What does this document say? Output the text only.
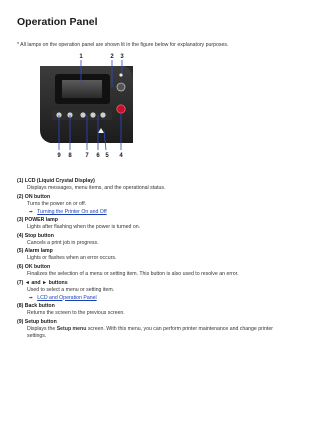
Operation Panel
* All lamps on the operation panel are shown lit in the figure below for explanatory purposes.
1	2 3
9 8 7 6 5 4
(1) LCD (Liquid Crystal Display)
Displays messages, menu items, and the operational status.
(2) ON button
Turns the power on or off.
➡ Turning the Printer On and Off
(3) POWER lamp
Lights after flashing when the power is turned on.
(4) Stop button
Cancels a print job in progress.
(5) Alarm lamp
Lights or flashes when an error occurs.
(6) OK button
Finalizes the selection of a menu or setting item. This button is also used to resolve an error.
(7) ◄ and ► buttons
Used to select a menu or setting item.
➡ LCD and Operation Panel
(8) Back button
Returns the screen to the previous screen.
(9) Setup button
Displays the Setup menu screen. With this menu, you can perform printer maintenance and change printer settings.
